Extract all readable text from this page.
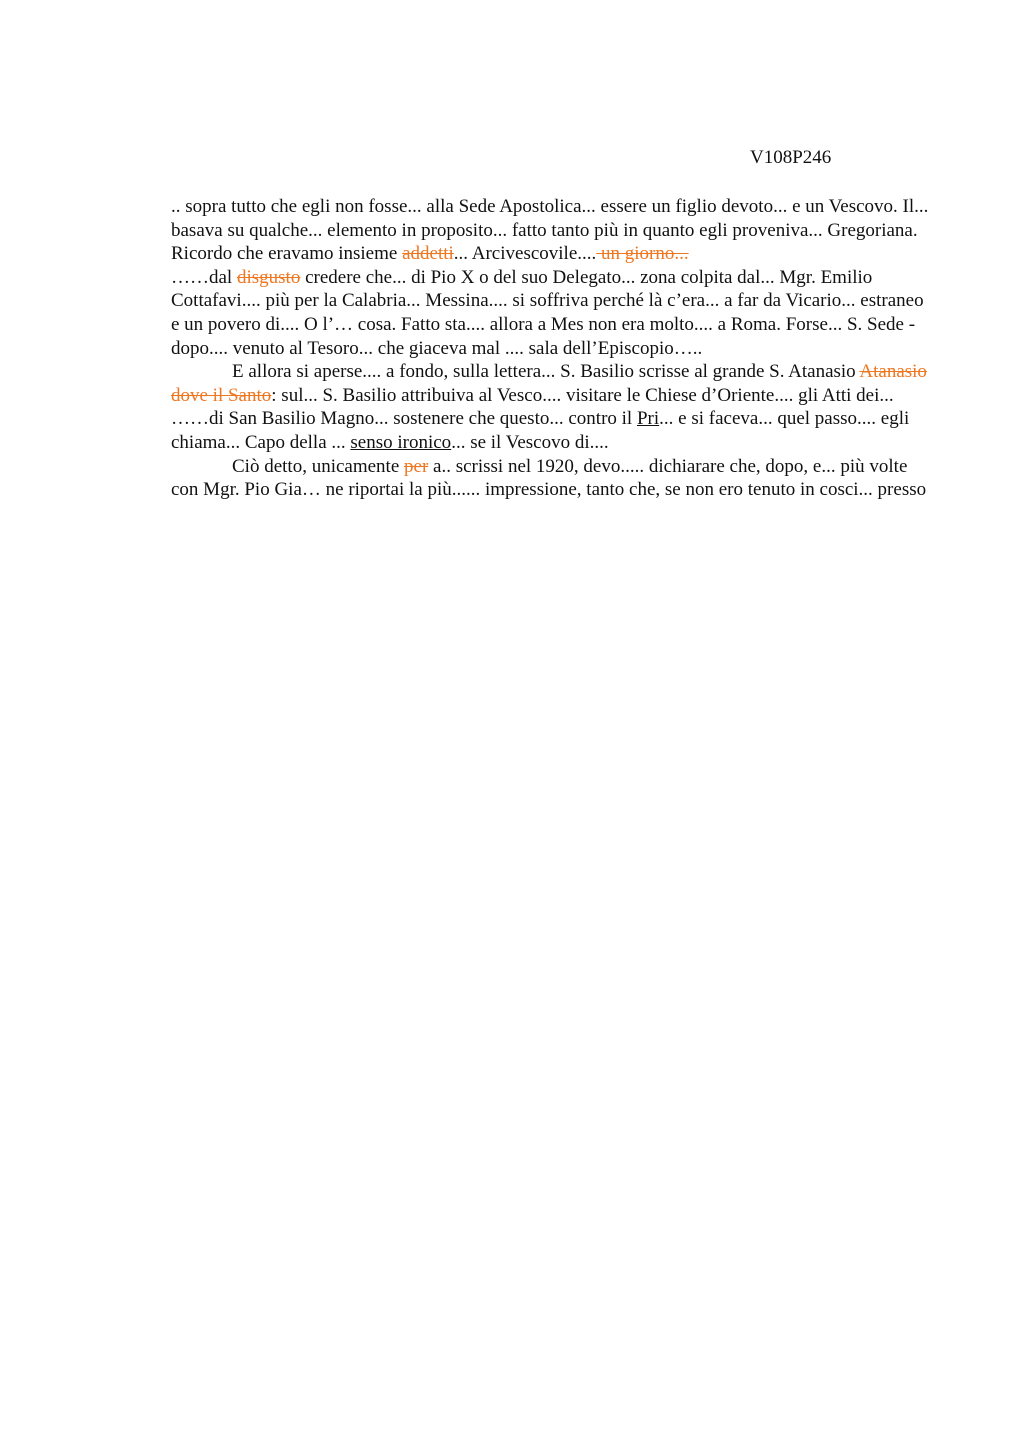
V108P246

.. sopra tutto che egli non fosse... alla Sede Apostolica... essere un figlio devoto... e un Vescovo. Il... basava su qualche... elemento in proposito... fatto tanto più in quanto egli proveniva... Gregoriana. Ricordo che eravamo insieme addetti... Arcivescovile.... un giorno...

……dal disgusto credere che... di Pio X o del suo Delegato... zona colpita dal... Mgr. Emilio Cottafavi.... più per la Calabria... Messina.... si soffriva perché là c’era... a far da Vicario... estraneo e un povero di.... O l’… cosa. Fatto sta.... allora a Mes non era molto.... a Roma. Forse... S. Sede - dopo.... venuto al Tesoro... che giaceva mal .... sala dell’Episcopio…..

E allora si aperse.... a fondo, sulla lettera... S. Basilio scrisse al grande S. Atanasio Atanasio dove il Santo: sul... S. Basilio attribuiva al Vesco.... visitare le Chiese d’Oriente.... gli Atti dei...

……di San Basilio Magno... sostenere che questo... contro il Pri... e si faceva... quel passo.... egli chiama... Capo della ... senso ironico... se il Vescovo di....

Ciò detto, unicamente per a.. scrissi nel 1920, devo..... dichiarare che, dopo, e... più volte con Mgr. Pio Gia… ne riportai la più...... impressione, tanto che, se non ero tenuto in cosci... presso
